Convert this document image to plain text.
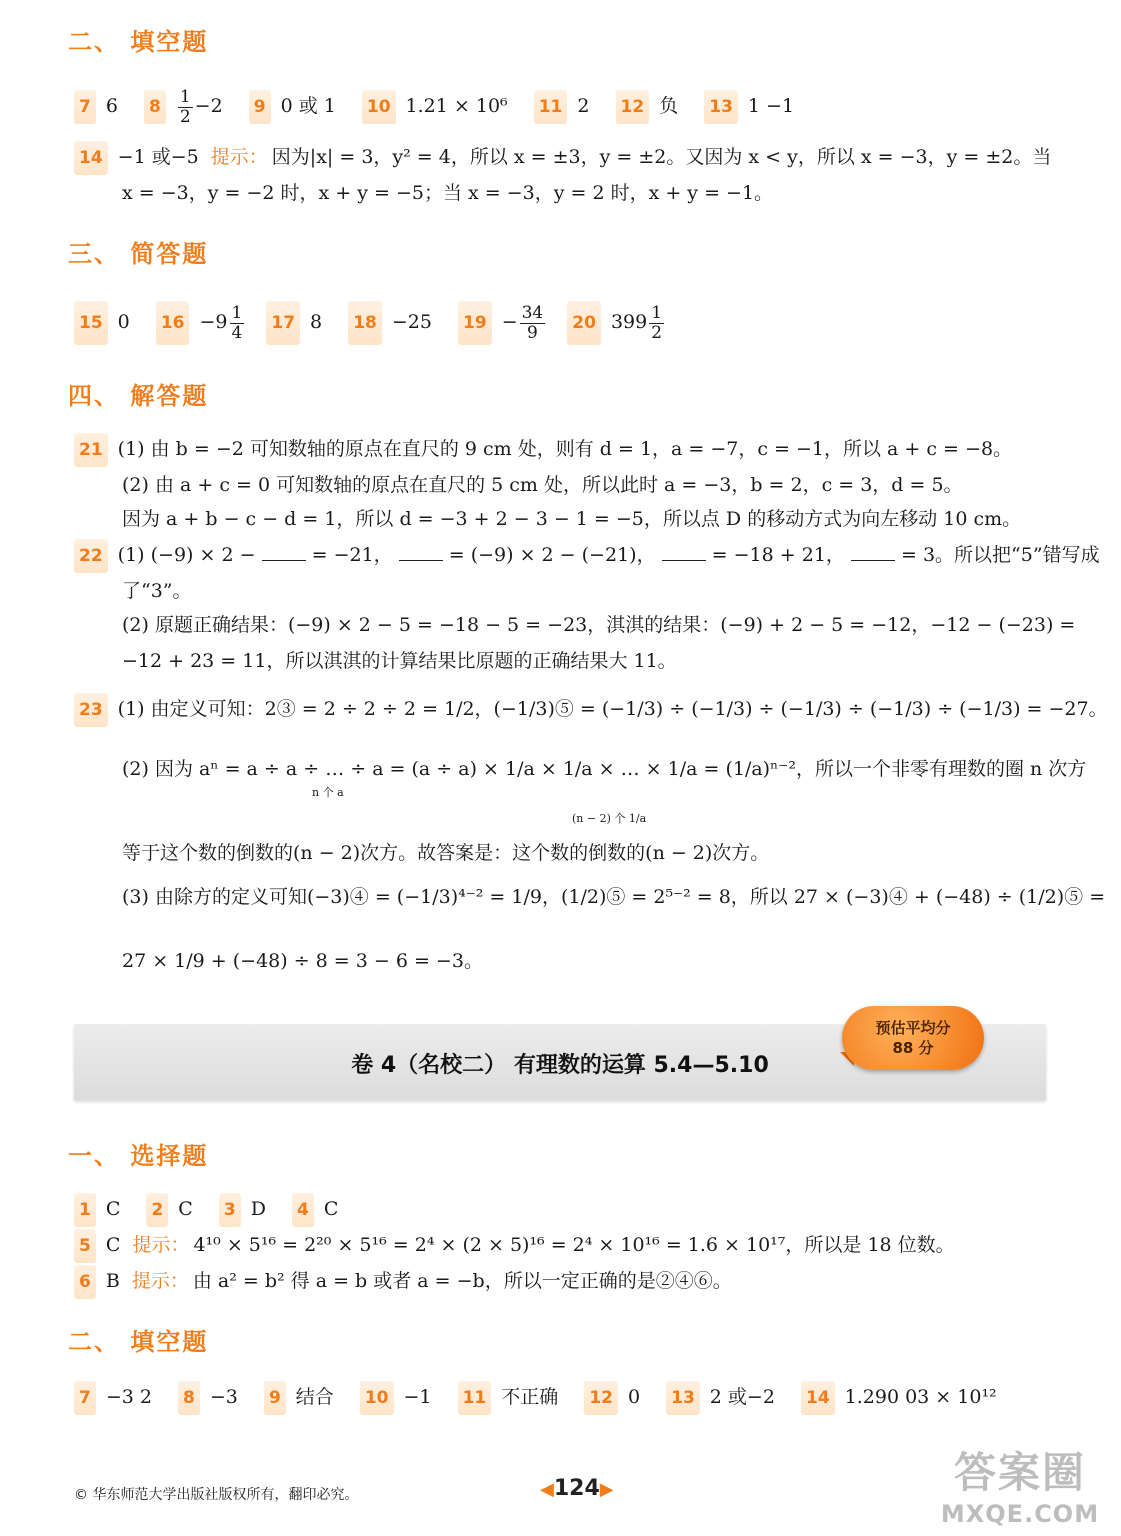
二、 填空题
7 6 $8 \frac{1}{2} -2$ 9 0 或 1 10 1.21 × 10⁶ 11 2 12 负 13 1 −1
14 −1 或−5 提示： 因为|x| = 3，y² = 4，所以 x = ±3，y = ±2。又因为 x < y，所以 x = −3，y = ±2。当
x = −3，y = −2 时，x + y = −5；当 x = −3，y = 2 时，x + y = −1。
三、 简答题
15 0 $16 -9 \frac{1}{4} 17$ 8 18 −25 $19 - \frac{34}{9} 20$ $399 \frac{1}{2}$
四、 解答题
21 (1) 由 b = −2 可知数轴的原点在直尺的 9 cm 处，则有 d = 1，a = −7，c = −1，所以 a + c = −8。
(2) 由 a + c = 0 可知数轴的原点在直尺的 5 cm 处，所以此时 a = −3，b = 2，c = 3，d = 5。
因为 a + b − c − d = 1，所以 d = −3 + 2 − 3 − 1 = −5，所以点 D 的移动方式为向左移动 10 cm。
22 (1) (−9) × 2 −	= −21，	= (−9) × 2 − (−21)，	= −18 + 21，	= 3。所以把“5”错写成
了“3”。
(2) 原题正确结果：(−9) × 2 − 5 = −18 − 5 = −23，淇淇的结果：(−9) + 2 − 5 = −12，−12 − (−23) =
−12 + 23 = 11，所以淇淇的计算结果比原题的正确结果大 11。
23 (1) 由定义可知：2③ = 2 ÷ 2 ÷ 2 = 1/2，(−1/3)⑤ = (−1/3) ÷ (−1/3) ÷ (−1/3) ÷ (−1/3) ÷ (−1/3) = −27。
(2) 因为 aⁿ = a ÷ a ÷ … ÷ a = (a ÷ a) × 1/a × 1/a × … × 1/a = (1/a)ⁿ⁻²，所以一个非零有理数的圈 n 次方
n 个 a
(n − 2) 个 1/a
等于这个数的倒数的(n − 2)次方。故答案是：这个数的倒数的(n − 2)次方。
(3) 由除方的定义可知(−3)④ = (−1/3)⁴⁻² = 1/9，(1/2)⑤ = 2⁵⁻² = 8，所以 27 × (−3)④ + (−48) ÷ (1/2)⑤ =
27 × 1/9 + (−48) ÷ 8 = 3 − 6 = −3。
卷 4（名校二） 有理数的运算 5.4—5.10
预估平均分
88 分
一、 选择题
1 C 2 C 3 D 4 C
5 C 提示： 4¹⁰ × 5¹⁶ = 2²⁰ × 5¹⁶ = 2⁴ × (2 × 5)¹⁶ = 2⁴ × 10¹⁶ = 1.6 × 10¹⁷，所以是 18 位数。
6 B 提示： 由 a² = b² 得 a = b 或者 a = −b，所以一定正确的是②④⑥。
二、 填空题
7 −3 2 8 −3 9 结合 10 −1 11 不正确 12 0 13 2 或−2 14 1.290 03 × 10¹²
© 华东师范大学出版社版权所有，翻印必究。	◀124▶	答案圈
MXQE.COM
